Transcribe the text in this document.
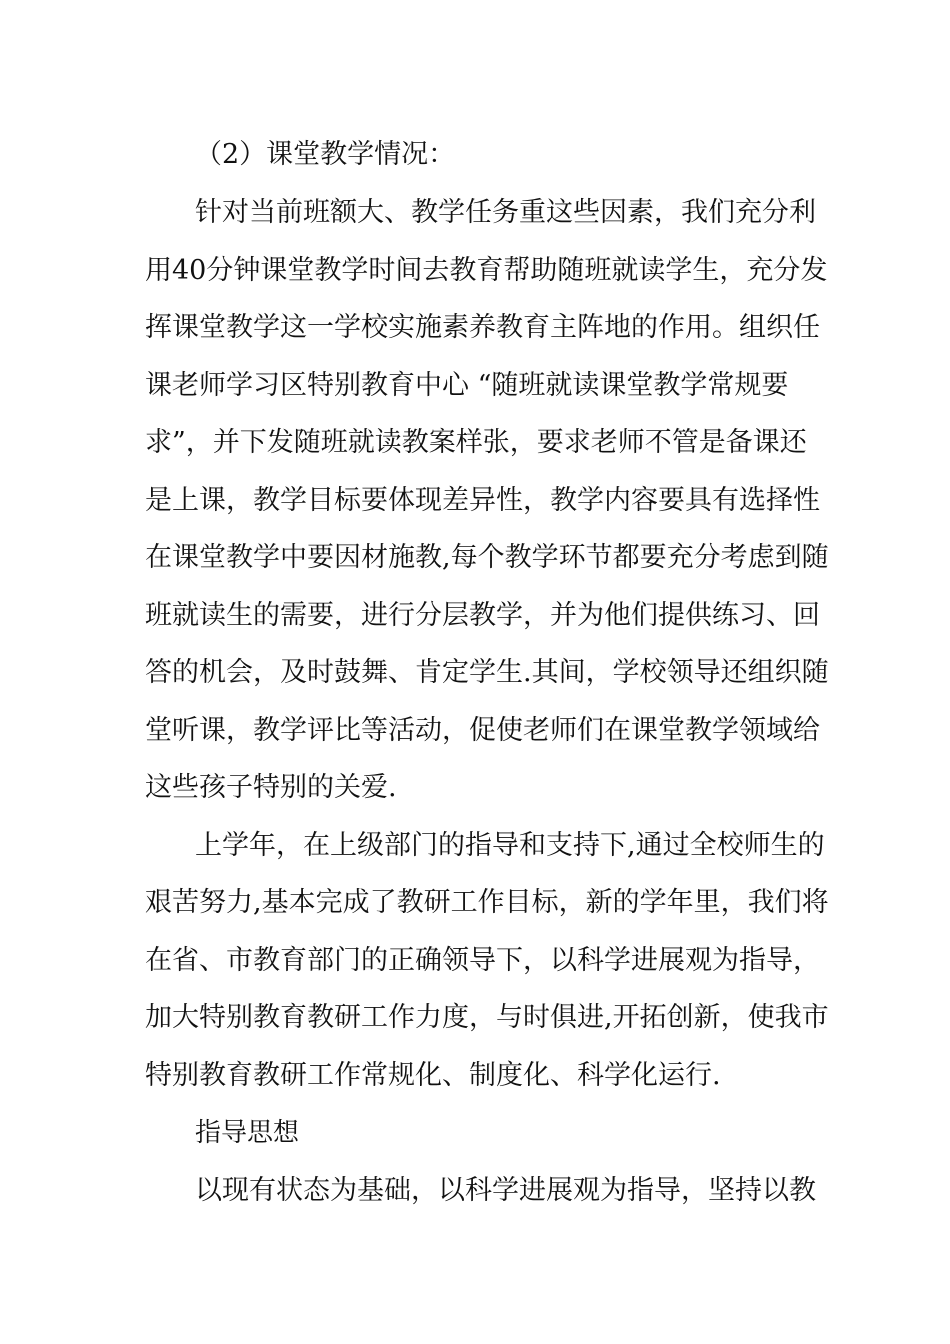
（2）课堂教学情况：
针对当前班额大、教学任务重这些因素，我们充分利
用40分钟课堂教学时间去教育帮助随班就读学生，充分发
挥课堂教学这一学校实施素养教育主阵地的作用。组织任
课老师学习区特别教育中心 “随班就读课堂教学常规要
求”，并下发随班就读教案样张，要求老师不管是备课还
是上课，教学目标要体现差异性，教学内容要具有选择性
在课堂教学中要因材施教,每个教学环节都要充分考虑到随
班就读生的需要，进行分层教学，并为他们提供练习、回
答的机会，及时鼓舞、肯定学生.其间，学校领导还组织随
堂听课，教学评比等活动，促使老师们在课堂教学领域给
这些孩子特别的关爱.
上学年，在上级部门的指导和支持下,通过全校师生的
艰苦努力,基本完成了教研工作目标，新的学年里，我们将
在省、市教育部门的正确领导下，以科学进展观为指导，
加大特别教育教研工作力度，与时俱进,开拓创新，使我市
特别教育教研工作常规化、制度化、科学化运行.
指导思想
以现有状态为基础，以科学进展观为指导，坚持以教
